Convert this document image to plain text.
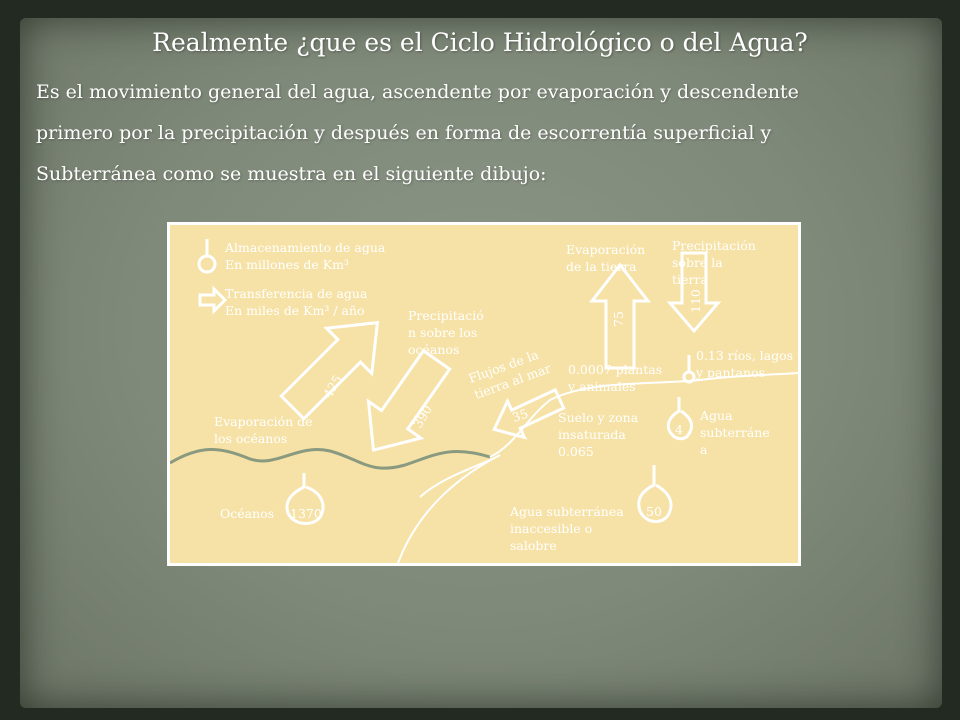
Realmente ¿que es el Ciclo Hidrológico o del Agua?
Es el movimiento general del agua, ascendente por evaporación y descendente
primero por la precipitación y después en forma de escorrentía superficial y
Subterránea como se muestra en el siguiente dibujo:
Almacenamiento de agua
En millones de Km³
Transferencia de agua
En miles de Km³ / año
Evaporación de
los océanos
425
Precipitació
n sobre los
océanos
390
Evaporación
de la tierra
75
Precipitación
sobre la
tierra
110
Flujos de la
tierra al mar
35
Océanos 1370
0.0007 plantas
y animales
0.13 ríos, lagos
y pantanos
Suelo y zona
insaturada
0.065
Agua
subterráne
a
4
Agua subterránea
inaccesible o
salobre
50
